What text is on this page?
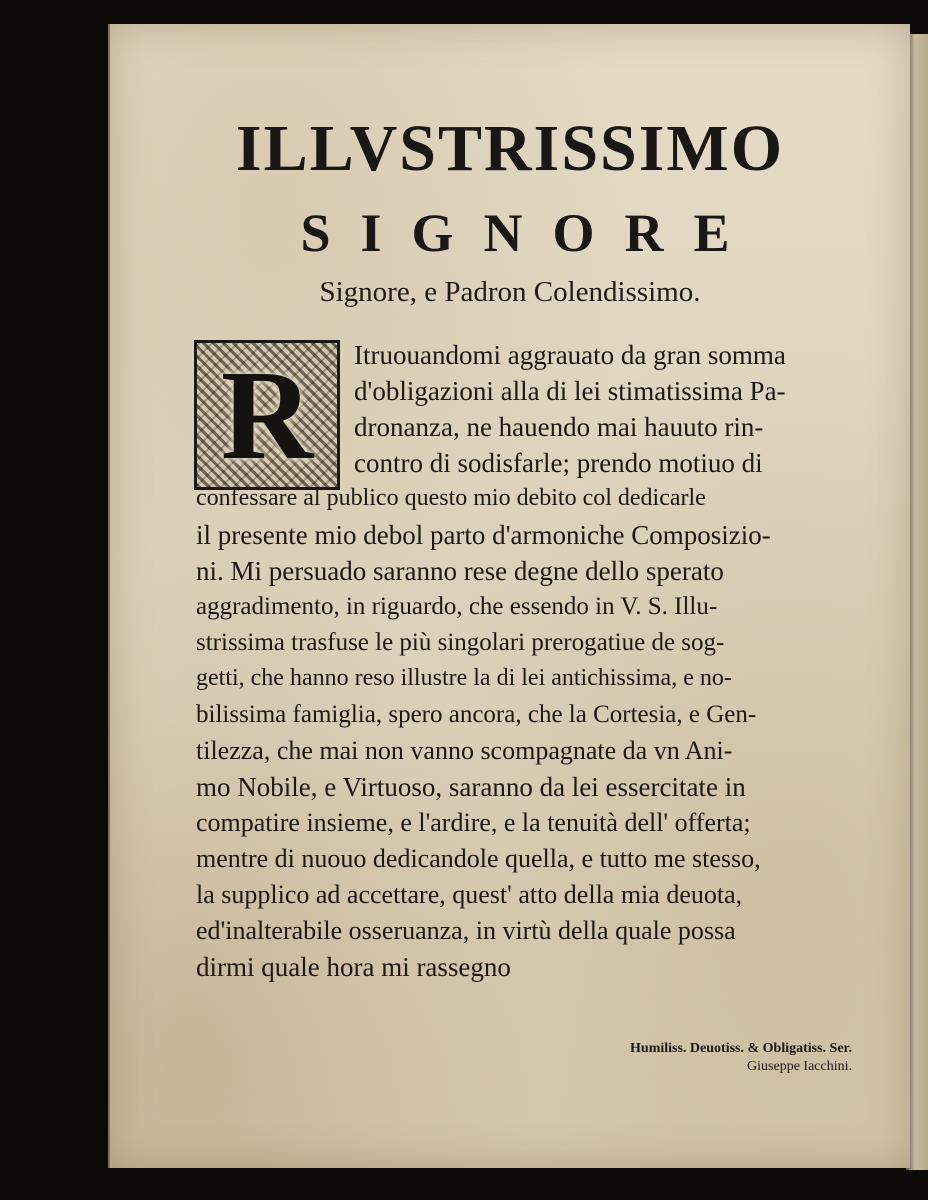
ILLVSTRISSIMO
SIGNORE

Signore, e Padron Colendissimo.

R Itruouandomi aggrauato da gran somma

d'obligazioni alla di lei stimatissima Pa-

dronanza, ne hauendo mai hauuto rin-

contro di sodisfarle; prendo motiuo di

confessare al publico questo mio debito col dedicarle

il presente mio debol parto d'armoniche Composizio-

ni. Mi persuado saranno rese degne dello sperato

aggradimento, in riguardo, che essendo in V. S. Illu-

strissima trasfuse le più singolari prerogatiue de sog-

getti, che hanno reso illustre la di lei antichissima, e no-

bilissima famiglia, spero ancora, che la Cortesia, e Gen-

tilezza, che mai non vanno scompagnate da vn Ani-

mo Nobile, e Virtuoso, saranno da lei essercitate in

compatire insieme, e l'ardire, e la tenuità dell' offerta;

mentre di nuouo dedicandole quella, e tutto me stesso,

la supplico ad accettare, quest' atto della mia deuota,

ed'inalterabile osseruanza, in virtù della quale possa

dirmi quale hora mi rassegno

Humiliss. Deuotiss. & Obligatiss. Ser.
Giuseppe Iacchini.
